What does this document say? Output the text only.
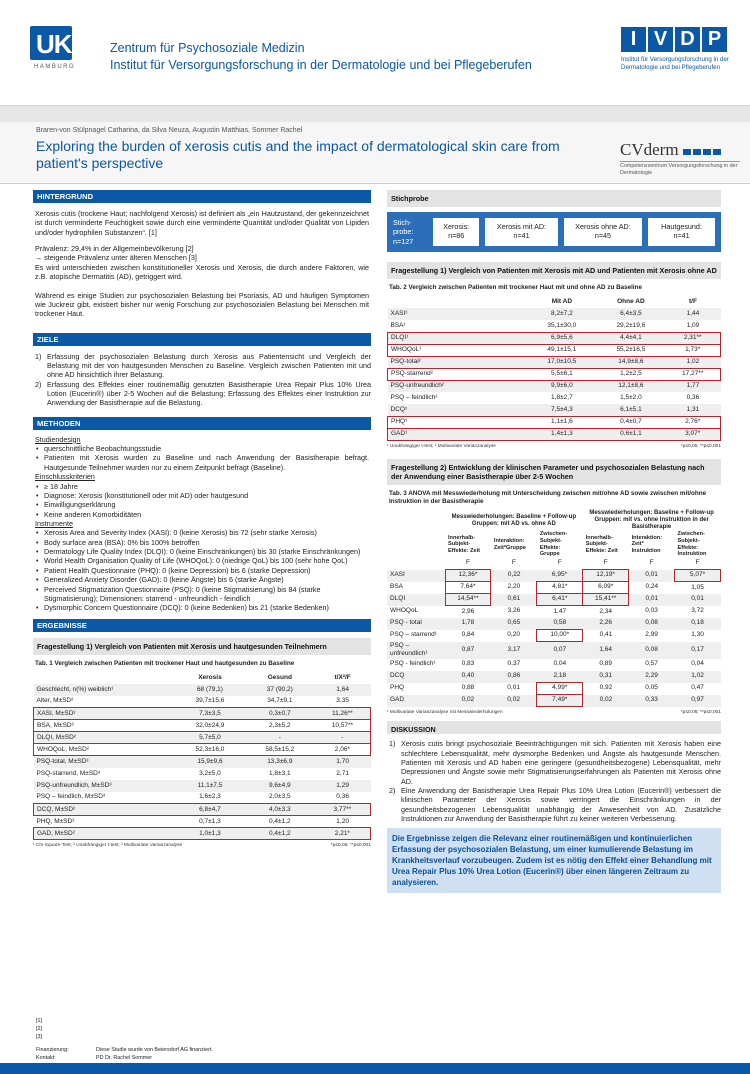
UKE
HAMBURG
Zentrum für Psychosoziale Medizin
Institut für Versorgungsforschung in der Dermatologie und bei Pflegeberufen
I V D P
Institut für Versorgungsforschung in der Dermatologie und bei Pflegeberufen
Braren-von Stülpnagel Catharina, da Silva Neuza, Augustin Matthias, Sommer Rachel
Exploring the burden of xerosis cutis and the impact of dermatological skin care from patient's perspective
CVderm
Competenzzentrum Versorgungsforschung in der Dermatologie
HINTERGRUND
Xerosis cutis (trockene Haut; nachfolgend Xerosis) ist definiert als „ein Hautzustand, der gekennzeichnet ist durch verminderte Feuchtigkeit sowie durch eine verminderte Quantität und/oder Qualität von Lipiden und/oder hydrophilen Substanzen“. [1]
Prävalenz: 29,4% in der Allgemeinbevölkerung [2]
→ steigende Prävalenz unter älteren Menschen [3]
Es wird unterschieden zwischen konstitutioneller Xerosis und Xerosis, die durch andere Faktoren, wie z.B. atopische Dermatitis (AD), getriggert wird.
Während es einige Studien zur psychosozialen Belastung bei Psoriasis, AD und häufigen Symptomen wie Juckreiz gibt, existiert bisher nur wenig Forschung zur psychosozialen Belastung bei Menschen mit trockener Haut.
ZIELE
1) Erfassung der psychosozialen Belastung durch Xerosis aus Patientensicht und Vergleich der Belastung mit der von hautgesunden Menschen zu Baseline. Vergleich zwischen Patienten mit und ohne AD hinsichtlich ihrer Belastung.
2) Erfassung des Effektes einer routinemäßig genutzten Basistherapie Urea Repair Plus 10% Urea Lotion (Eucerin®) über 2-5 Wochen auf die Belastung; Erfassung des Effektes einer Instruktion zur Anwendung der Basistherapie auf die Belastung.
METHODEN
Studiendesign
• querschnittliche Beobachtungsstudie
• Patienten mit Xerosis wurden zu Baseline und nach Anwendung der Basistherapie befragt. Hautgesunde Teilnehmer wurden nur zu einem Zeitpunkt befragt (Baseline).
Einschlusskriterien
• ≥ 18 Jahre
• Diagnose: Xerosis (konstitutionell oder mit AD) oder hautgesund
• Einwilligungserklärung
• Keine anderen Komorbiditäten
Instrumente
• Xerosis Area and Severity Index (XASI): 0 (keine Xerosis) bis 72 (sehr starke Xerosis)
• Body surface area (BSA): 0% bis 100% betroffen
• Dermatology Life Quality Index (DLQI): 0 (keine Einschränkungen) bis 30 (starke Einschränkungen)
• World Health Organisation Quality of Life (WHOQoL): 0 (niedrige QoL) bis 100 (sehr hohe QoL)
• Patient Health Questionnaire (PHQ): 0 (keine Depression) bis 6 (starke Depression)
• Generalized Anxiety Disorder (GAD): 0 (keine Ängste) bis 6 (starke Ängste)
• Perceived Stigmatization Questionnaire (PSQ): 0 (keine Stigmatisierung) bis 84 (starke Stigmatisierung); Dimensionen: starrend - unfreundlich - feindlich
• Dysmorphic Concern Questionnaire (DCQ): 0 (keine Bedenken) bis 21 (starke Bedenken)
ERGEBNISSE
Fragestellung 1) Vergleich von Patienten mit Xerosis und hautgesunden Teilnehmern
Tab. 1 Vergleich zwischen Patienten mit trockener Haut und hautgesunden zu Baseline
	Xerosis	Gesund	t/X²/F
Geschlecht, n(%) weiblich¹	68 (79,1)	37 (90,2)	1,64
Alter, M±SD²	39,7±15,6	34,7±9,1	3,35
XASI, M±SD²	7,3±3,5	0,3±0,7	11,26**
BSA, M±SD²	32,0±24,9	2,3±5,2	10,57**
DLQI, M±SD²	5,7±5,0	-	-
WHOQoL, M±SD²	52,3±16,0	58,5±15,2	2,06*
PSQ-total, M±SD³	15,9±9,6	13,3±6,9	1,70
PSQ-starrend, M±SD³	3,2±5,0	1,8±3,1	2,71
PSQ-unfreundlich, M±SD³	11,1±7,5	9,6±4,9	1,29
PSQ – feindlich, M±SD³	1,6±2,3	2,0±3,5	0,36
DCQ, M±SD²	6,8±4,7	4,0±3,3	3,77**
PHQ, M±SD²	0,7±1,3	0,4±1,2	1,20
GAD, M±SD²	1,0±1,3	0,4±1,2	2,21*
¹ Chi-Square-Test; ² Unabhängiger t-test; ³ Multivariate Varianzanalyse	*p≤0,05; **p≤0,001
Stichprobe
Stich-probe: n=127
Xerosis:
n=86
Xerosis mit AD:
n=41
Xerosis ohne AD:
n=45
Hautgesund:
n=41
Fragestellung 1) Vergleich von Patienten mit Xerosis mit AD und Patienten mit Xerosis ohne AD
Tab. 2 Vergleich zwischen Patienten mit trockener Haut mit und ohne AD zu Baseline
	Mit AD	Ohne AD	t/F
XASI¹	8,2±7,2	6,4±3,5	1,44
BSA¹	35,1±30,0	29,2±19,6	1,09
DLQI¹	6,9±5,6	4,4±4,1	2,31**
WHOQoL¹	49,1±15,1	55,2±16,5	1,73*
PSQ-total²	17,0±10,5	14,9±8,6	1,02
PSQ-starrend²	5,5±6,1	1,2±2,5	17,27**
PSQ-unfreundlich²	9,9±6,0	12,1±8,6	1,77
PSQ – feindlich²	1,8±2,7	1,5±2,0	0,36
DCQ¹	7,5±4,3	6,1±5,1	1,31
PHQ¹	1,1±1,6	0,4±0,7	2,76*
GAD¹	1,4±1,3	0,6±1,1	3,07*
¹ Unabhängiger t-test; ² Multivariate Varianzanalyse	*p≤0,05; **p≤0,001
Fragestellung 2) Entwicklung der klinischen Parameter und psychosozialen Belastung nach der Anwendung einer Basistherapie über 2-5 Wochen
Tab. 3 ANOVA mit Messwiederholung mit Unterscheidung zwischen mit/ohne AD sowie zwischen mit/ohne Instruktion in der Basistherapie
	Messwiederholungen: Baseline + Follow-up Gruppen: mit AD vs. ohne AD			Messwiederholungen: Baseline + Follow-up Gruppen: mit vs. ohne Instruktion in der Basistherapie		
	Innerhalb-Subjekt-Effekte: Zeit	Interaktion: Zeit*Gruppe	Zwischen-Subjekt-Effekte: Gruppe	Innerhalb-Subjekt-Effekte: Zeit	Interaktion: Zeit* Instruktion	Zwischen-Subjekt-Effekte: Instruktion
	F	F	F	F	F	F
XASI	12,36*	0,22	6,95*	12,19*	0,01	5,07*
BSA	7,64*	2,20	4,81*	6,09*	0,24	1,05
DLQI	14,54**	0,61	6,41*	15,41**	0,01	0,01
WHOQoL	2,96	3,26	1,47	2,34	0,03	3,72
PSQ - total	1,78	0,65	0,58	2,26	0,08	0,18
PSQ – starrend¹	0,84	0,20	10,00*	0,41	2,99	1,30
PSQ – unfreundlich¹	0,87	3,17	0,07	1,64	0,08	0,17
PSQ - feindlich¹	0,83	0,37	0,04	0,89	0,57	0,04
DCQ	0,40	0,86	2,18	0,31	2,29	1,02
PHQ	0,88	0,01	4,99*	0,92	0,05	0,47
GAD	0,02	0,02	7,49*	0,02	0,33	0,97
¹ Multivariate Varianzanalyse mit Messwiederholungen	*p≤0,05; **p≤0,001
DISKUSSION
1) Xerosis cutis bringt psychosoziale Beeinträchtigungen mit sich. Patienten mit Xerosis haben eine schlechtere Lebensqualität, mehr dysmorphe Bedenken und Ängste als hautgesunde Menschen. Patienten mit Xerosis und AD haben eine geringere (gesundheitsbezogene) Lebensqualität, mehr Depressionen und Ängste sowie mehr Stigmatisierungserfahrungen als Patienten mit Xerosis ohne AD.
2) Eine Anwendung der Basistherapie Urea Repair Plus 10% Urea Lotion (Eucerin®) verbessert die klinischen Parameter der Xerosis sowie verringert die Einschränkungen in der gesundheitsbezogenen Lebensqualität unabhängig der Anwesenheit von AD. Zusätzliche Instruktionen zur Anwendung der Basistherapie führt zu keiner weiteren Verbesserung.
Die Ergebnisse zeigen die Relevanz einer routinemäßigen und kontinuierlichen Erfassung der psychosozialen Belastung, um einer kumulierende Belastung im Krankheitsverlauf vorzubeugen. Zudem ist es nötig den Effekt einer Behandlung mit Urea Repair Plus 10% Urea Lotion (Eucerin®) über einen längeren Zeitraum zu analysieren.
[1]
[2]
[3]
Finanzierung:	Diese Studie wurde von Beiersdorf AG finanziert.
Kontakt:	PD Dr. Rachel Sommer
